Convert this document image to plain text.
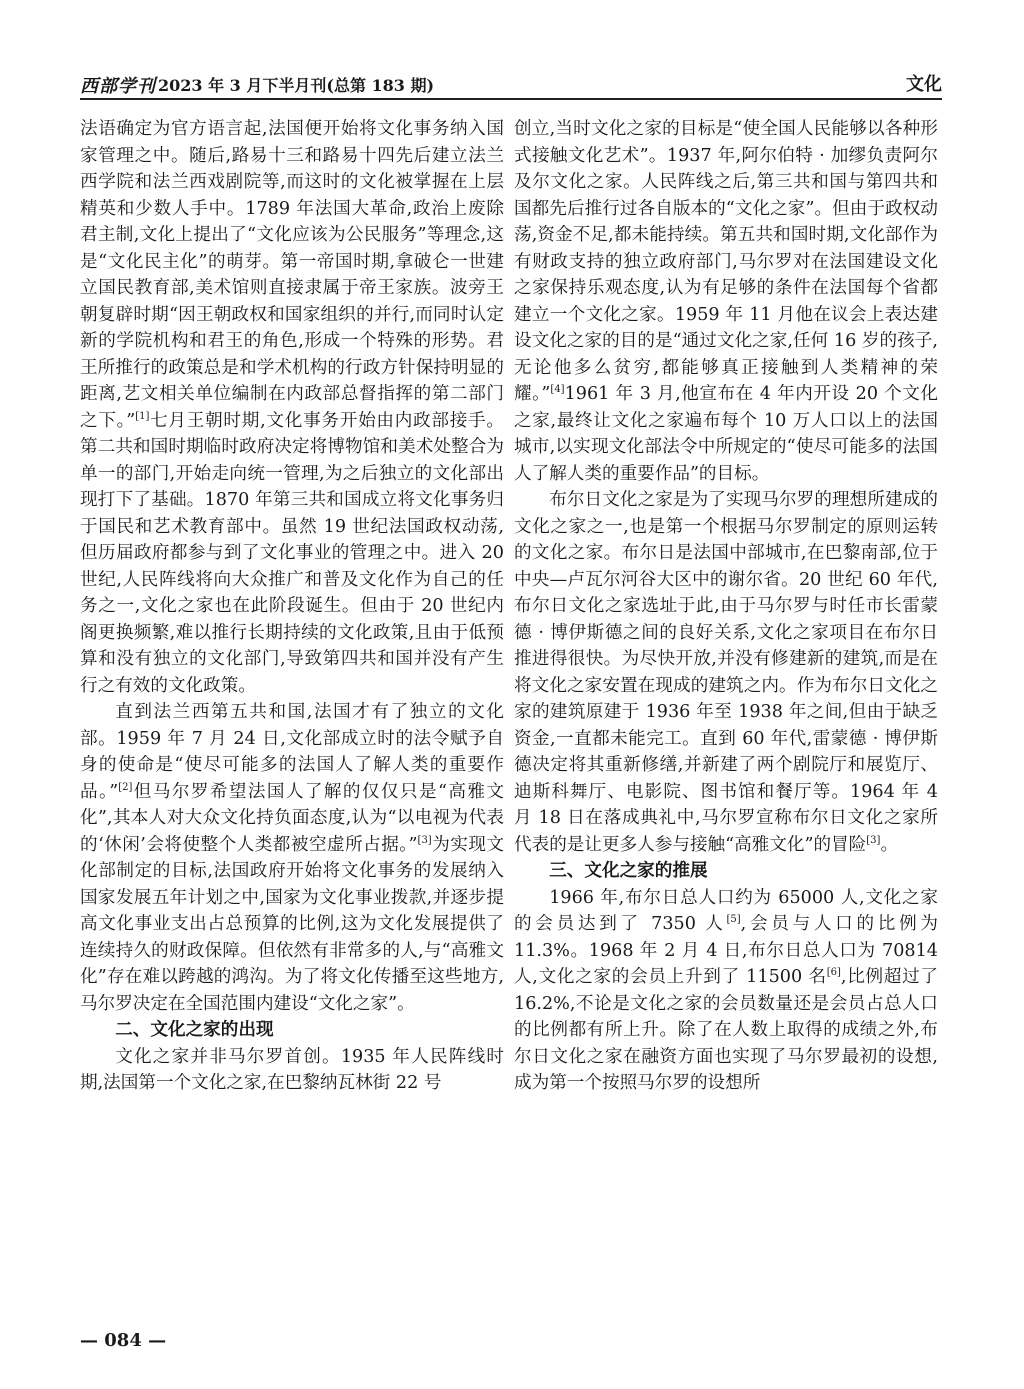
西部学刊 2023 年 3 月下半月刊(总第 183 期)	文化

法语确定为官方语言起,法国便开始将文化事务纳入国家管理之中。随后,路易十三和路易十四先后建立法兰西学院和法兰西戏剧院等,而这时的文化被掌握在上层精英和少数人手中。1789 年法国大革命,政治上废除君主制,文化上提出了“文化应该为公民服务”等理念,这是“文化民主化”的萌芽。第一帝国时期,拿破仑一世建立国民教育部,美术馆则直接隶属于帝王家族。波旁王朝复辟时期“因王朝政权和国家组织的并行,而同时认定新的学院机构和君王的角色,形成一个特殊的形势。君王所推行的政策总是和学术机构的行政方针保持明显的距离,艺文相关单位编制在内政部总督指挥的第二部门之下。”[1]七月王朝时期,文化事务开始由内政部接手。第二共和国时期临时政府决定将博物馆和美术处整合为单一的部门,开始走向统一管理,为之后独立的文化部出现打下了基础。1870 年第三共和国成立将文化事务归于国民和艺术教育部中。虽然 19 世纪法国政权动荡,但历届政府都参与到了文化事业的管理之中。进入 20 世纪,人民阵线将向大众推广和普及文化作为自己的任务之一,文化之家也在此阶段诞生。但由于 20 世纪内阁更换频繁,难以推行长期持续的文化政策,且由于低预算和没有独立的文化部门,导致第四共和国并没有产生行之有效的文化政策。

直到法兰西第五共和国,法国才有了独立的文化部。1959 年 7 月 24 日,文化部成立时的法令赋予自身的使命是“使尽可能多的法国人了解人类的重要作品。”[2]但马尔罗希望法国人了解的仅仅只是“高雅文化”,其本人对大众文化持负面态度,认为“以电视为代表的‘休闲’会将使整个人类都被空虚所占据。”[3]为实现文化部制定的目标,法国政府开始将文化事务的发展纳入国家发展五年计划之中,国家为文化事业拨款,并逐步提高文化事业支出占总预算的比例,这为文化发展提供了连续持久的财政保障。但依然有非常多的人,与“高雅文化”存在难以跨越的鸿沟。为了将文化传播至这些地方,马尔罗决定在全国范围内建设“文化之家”。

二、文化之家的出现

文化之家并非马尔罗首创。1935 年人民阵线时期,法国第一个文化之家,在巴黎纳瓦林街 22 号

创立,当时文化之家的目标是“使全国人民能够以各种形式接触文化艺术”。1937 年,阿尔伯特 · 加缪负责阿尔及尔文化之家。人民阵线之后,第三共和国与第四共和国都先后推行过各自版本的“文化之家”。但由于政权动荡,资金不足,都未能持续。第五共和国时期,文化部作为有财政支持的独立政府部门,马尔罗对在法国建设文化之家保持乐观态度,认为有足够的条件在法国每个省都建立一个文化之家。1959 年 11 月他在议会上表达建设文化之家的目的是“通过文化之家,任何 16 岁的孩子,无论他多么贫穷,都能够真正接触到人类精神的荣耀。”[4]1961 年 3 月,他宣布在 4 年内开设 20 个文化之家,最终让文化之家遍布每个 10 万人口以上的法国城市,以实现文化部法令中所规定的“使尽可能多的法国人了解人类的重要作品”的目标。

布尔日文化之家是为了实现马尔罗的理想所建成的文化之家之一,也是第一个根据马尔罗制定的原则运转的文化之家。布尔日是法国中部城市,在巴黎南部,位于中央—卢瓦尔河谷大区中的谢尔省。20 世纪 60 年代,布尔日文化之家选址于此,由于马尔罗与时任市长雷蒙德 · 博伊斯德之间的良好关系,文化之家项目在布尔日推进得很快。为尽快开放,并没有修建新的建筑,而是在将文化之家安置在现成的建筑之内。作为布尔日文化之家的建筑原建于 1936 年至 1938 年之间,但由于缺乏资金,一直都未能完工。直到 60 年代,雷蒙德 · 博伊斯德决定将其重新修缮,并新建了两个剧院厅和展览厅、迪斯科舞厅、电影院、图书馆和餐厅等。1964 年 4 月 18 日在落成典礼中,马尔罗宣称布尔日文化之家所代表的是让更多人参与接触“高雅文化”的冒险[3]。

三、文化之家的推展

1966 年,布尔日总人口约为 65000 人,文化之家的会员达到了 7350 人[5],会员与人口的比例为 11.3%。1968 年 2 月 4 日,布尔日总人口为 70814 人,文化之家的会员上升到了 11500 名[6],比例超过了 16.2%,不论是文化之家的会员数量还是会员占总人口的比例都有所上升。除了在人数上取得的成绩之外,布尔日文化之家在融资方面也实现了马尔罗最初的设想,成为第一个按照马尔罗的设想所

— 084 —
